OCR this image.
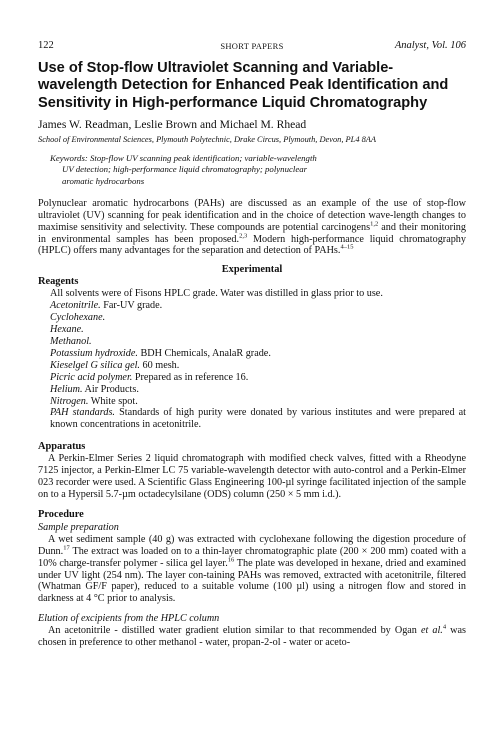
122	SHORT PAPERS	Analyst, Vol. 106
Use of Stop-flow Ultraviolet Scanning and Variable-wavelength Detection for Enhanced Peak Identification and Sensitivity in High-performance Liquid Chromatography
James W. Readman, Leslie Brown and Michael M. Rhead
School of Environmental Sciences, Plymouth Polytechnic, Drake Circus, Plymouth, Devon, PL4 8AA
Keywords: Stop-flow UV scanning peak identification; variable-wavelength

UV detection; high-performance liquid chromatography; polynuclear
aromatic hydrocarbons

Polynuclear aromatic hydrocarbons (PAHs) are discussed as an example of the use of stop-flow ultraviolet (UV) scanning for peak identification and in the choice of detection wave-length changes to maximise sensitivity and selectivity. These compounds are potential carcinogens$^{1,2}$ and their monitoring in environmental samples has been proposed.$^{2,3}$ Modern high-performance liquid chromatography (HPLC) offers many advantages for the separation and detection of PAHs.$^{4-15}$

Experimental
Reagents
All solvents were of Fisons HPLC grade. Water was distilled in glass prior to use.
Acetonitrile. Far-UV grade.
Cyclohexane.
Hexane.
Methanol.
Potassium hydroxide. BDH Chemicals, AnalaR grade.
Kieselgel G silica gel. 60 mesh.
Picric acid polymer. Prepared as in reference 16.
Helium. Air Products.
Nitrogen. White spot.

PAH standards. Standards of high purity were donated by various institutes and were prepared at known concentrations in acetonitrile.

Apparatus

A Perkin-Elmer Series 2 liquid chromatograph with modified check valves, fitted with a Rheodyne 7125 injector, a Perkin-Elmer LC 75 variable-wavelength detector with auto-control and a Perkin-Elmer 023 recorder were used. A Scientific Glass Engineering 100-µl syringe facilitated injection of the sample on to a Hypersil 5.7-µm octadecylsilane (ODS) column (250 × 5 mm i.d.).

Procedure
Sample preparation

A wet sediment sample (40 g) was extracted with cyclohexane following the digestion procedure of Dunn.$^{17}$ The extract was loaded on to a thin-layer chromatographic plate (200 × 200 mm) coated with a 10% charge-transfer polymer - silica gel layer.$^{16}$ The plate was developed in hexane, dried and examined under UV light (254 nm). The layer con-taining PAHs was removed, extracted with acetonitrile, filtered (Whatman GF/F paper), reduced to a suitable volume (100 µl) using a nitrogen flow and stored in darkness at 4 °C prior to analysis.

Elution of excipients from the HPLC column

An acetonitrile - distilled water gradient elution similar to that recommended by Ogan et al.$^4$ was chosen in preference to other methanol - water, propan-2-ol - water or aceto-
